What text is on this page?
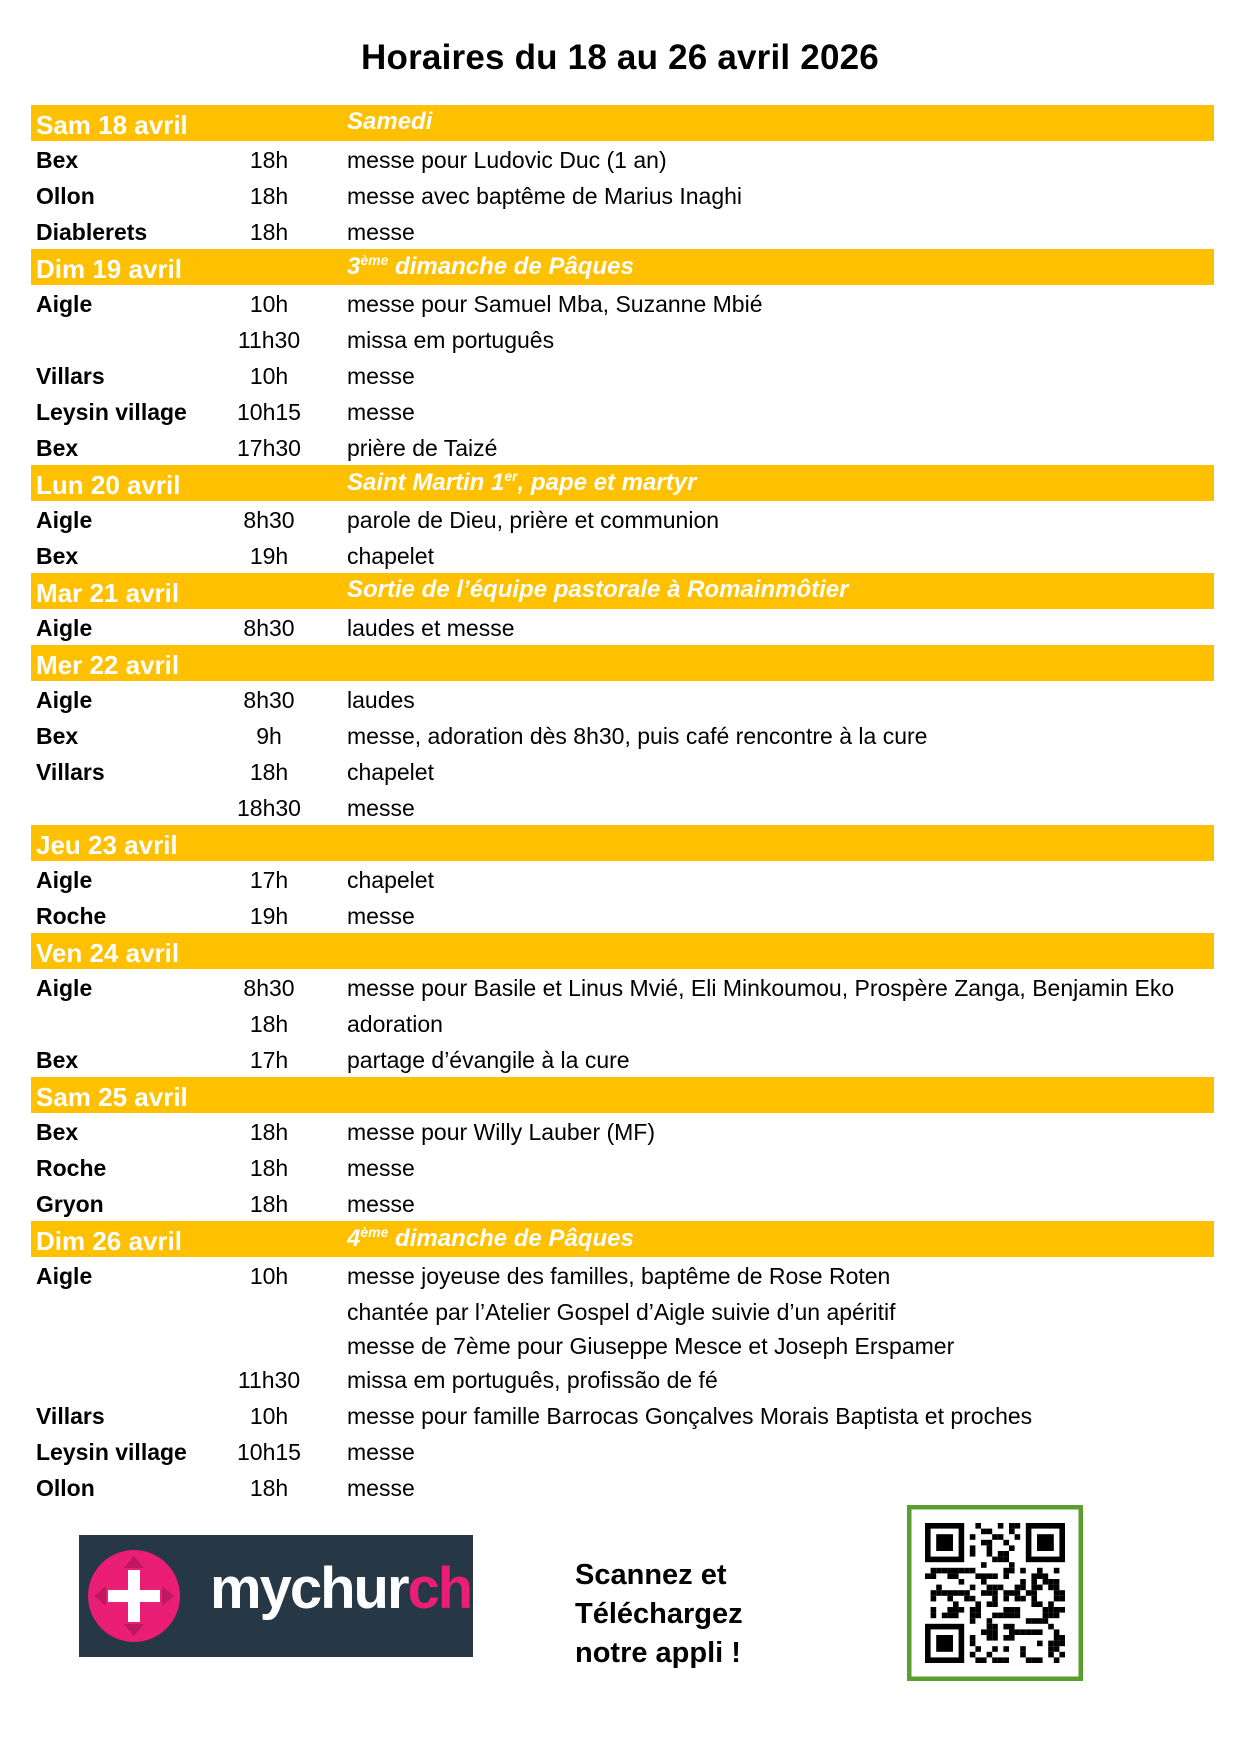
Horaires du 18 au 26 avril 2026
Sam 18 avril	Samedi
Bex	18h	messe pour Ludovic Duc (1 an)
Ollon	18h	messe avec baptême de Marius Inaghi
Diablerets	18h	messe
Dim 19 avril	3ème dimanche de Pâques
Aigle	10h	messe pour Samuel Mba, Suzanne Mbié
11h30	missa em português
Villars	10h	messe
Leysin village	10h15	messe
Bex	17h30	prière de Taizé
Lun 20 avril	Saint Martin 1er, pape et martyr
Aigle	8h30	parole de Dieu, prière et communion
Bex	19h	chapelet
Mar 21 avril	Sortie de l’équipe pastorale à Romainmôtier
Aigle	8h30	laudes et messe
Mer 22 avril
Aigle	8h30	laudes
Bex	9h	messe, adoration dès 8h30, puis café rencontre à la cure
Villars	18h	chapelet
18h30	messe
Jeu 23 avril
Aigle	17h	chapelet
Roche	19h	messe
Ven 24 avril
Aigle	8h30	messe pour Basile et Linus Mvié, Eli Minkoumou, Prospère Zanga, Benjamin Eko
18h	adoration
Bex	17h	partage d’évangile à la cure
Sam 25 avril
Bex	18h	messe pour Willy Lauber (MF)
Roche	18h	messe
Gryon	18h	messe
Dim 26 avril	4ème dimanche de Pâques
Aigle	10h	messe joyeuse des familles, baptême de Rose Roten
chantée par l’Atelier Gospel d’Aigle suivie d’un apéritif
messe de 7ème pour Giuseppe Mesce et Joseph Erspamer
11h30	missa em português, profissão de fé
Villars	10h	messe pour famille Barrocas Gonçalves Morais Baptista et proches
Leysin village	10h15	messe
Ollon	18h	messe
mychurch	Scannez et
Téléchargez
notre appli !
